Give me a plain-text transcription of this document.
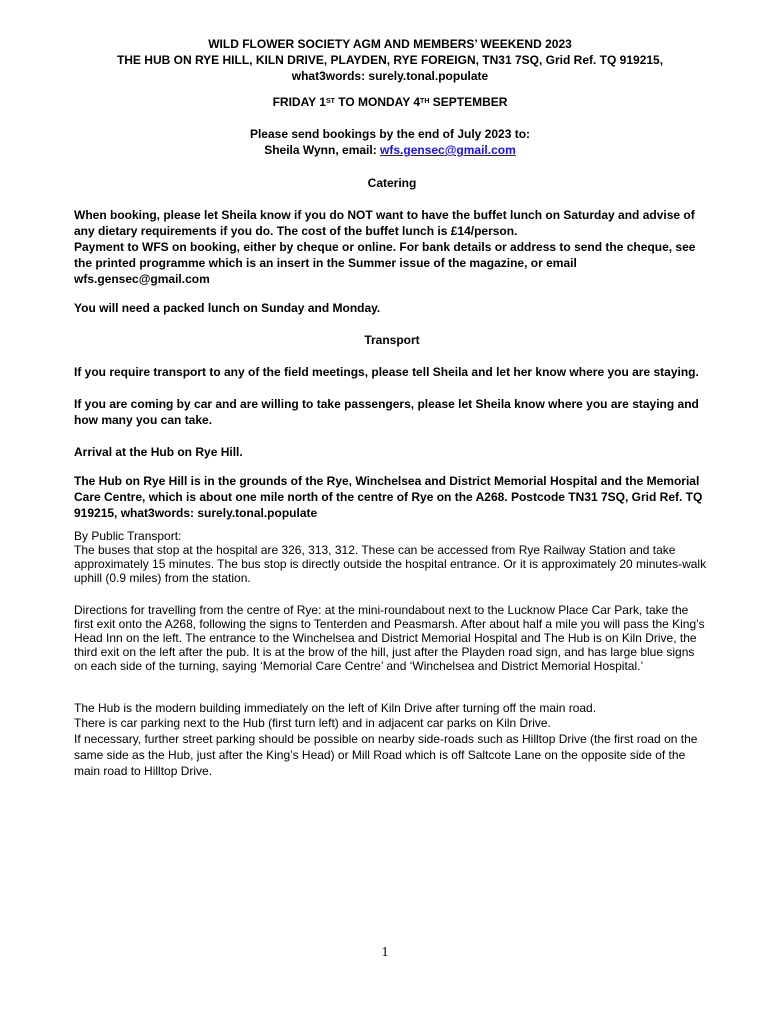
WILD FLOWER SOCIETY AGM AND MEMBERS’ WEEKEND 2023
THE HUB ON RYE HILL, KILN DRIVE, PLAYDEN, RYE FOREIGN, TN31 7SQ, Grid Ref. TQ 919215,
what3words: surely.tonal.populate
FRIDAY 1ST TO MONDAY 4TH SEPTEMBER
Please send bookings by the end of July 2023 to:
Sheila Wynn, email: wfs.gensec@gmail.com
Catering
When booking, please let Sheila know if you do NOT want to have the buffet lunch on Saturday and advise of any dietary requirements if you do. The cost of the buffet lunch is £14/person.
Payment to WFS on booking, either by cheque or online. For bank details or address to send the cheque, see the printed programme which is an insert in the Summer issue of the magazine, or email wfs.gensec@gmail.com
You will need a packed lunch on Sunday and Monday.
Transport
If you require transport to any of the field meetings, please tell Sheila and let her know where you are staying.
If you are coming by car and are willing to take passengers, please let Sheila know where you are staying and how many you can take.
Arrival at the Hub on Rye Hill.
The Hub on Rye Hill is in the grounds of the Rye, Winchelsea and District Memorial Hospital and the Memorial Care Centre, which is about one mile north of the centre of Rye on the A268. Postcode TN31 7SQ, Grid Ref. TQ 919215, what3words: surely.tonal.populate
By Public Transport:
The buses that stop at the hospital are 326, 313, 312. These can be accessed from Rye Railway Station and take approximately 15 minutes. The bus stop is directly outside the hospital entrance. Or it is approximately 20 minutes-walk uphill (0.9 miles) from the station.
Directions for travelling from the centre of Rye: at the mini-roundabout next to the Lucknow Place Car Park, take the first exit onto the A268, following the signs to Tenterden and Peasmarsh. After about half a mile you will pass the King’s Head Inn on the left. The entrance to the Winchelsea and District Memorial Hospital and The Hub is on Kiln Drive, the third exit on the left after the pub. It is at the brow of the hill, just after the Playden road sign, and has large blue signs on each side of the turning, saying ‘Memorial Care Centre’ and ‘Winchelsea and District Memorial Hospital.’
The Hub is the modern building immediately on the left of Kiln Drive after turning off the main road.
There is car parking next to the Hub (first turn left) and in adjacent car parks on Kiln Drive.
If necessary, further street parking should be possible on nearby side-roads such as Hilltop Drive (the first road on the same side as the Hub, just after the King’s Head) or Mill Road which is off Saltcote Lane on the opposite side of the main road to Hilltop Drive.
1
